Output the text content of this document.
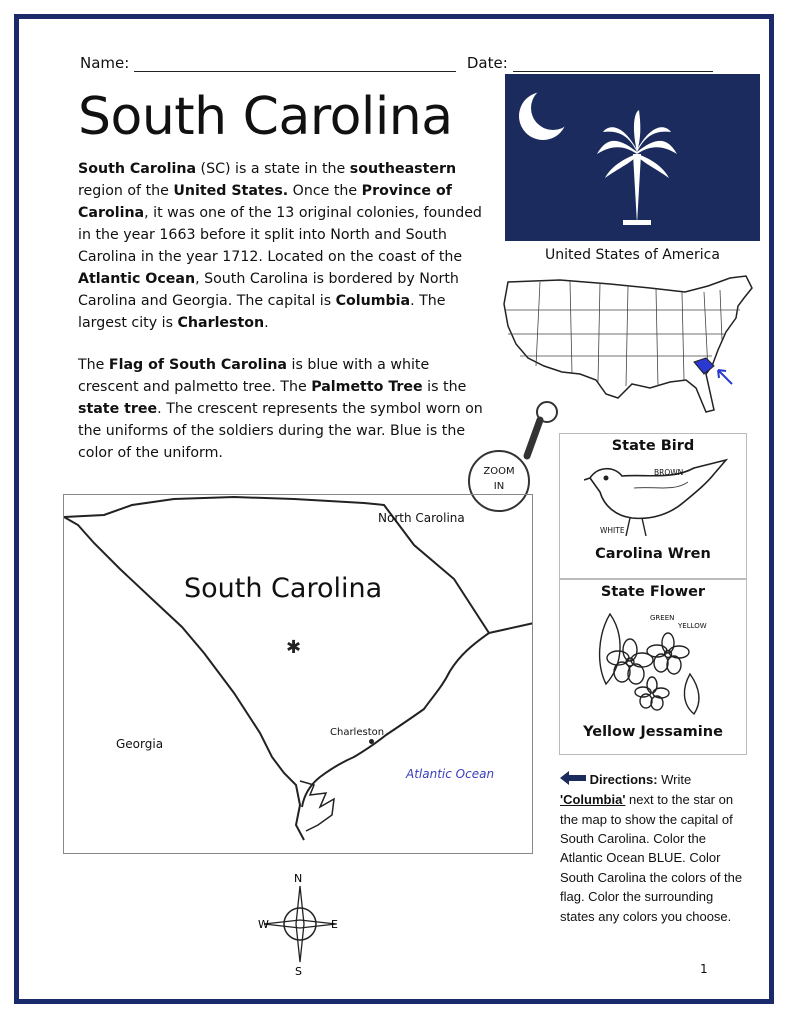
Name:	Date:
South Carolina
South Carolina (SC) is a state in the southeastern region of the United States. Once the Province of Carolina, it was one of the 13 original colonies, founded in the year 1663 before it split into North and South Carolina in the year 1712. Located on the coast of the Atlantic Ocean, South Carolina is bordered by North Carolina and Georgia. The capital is Columbia. The largest city is Charleston.
The Flag of South Carolina is blue with a white crescent and palmetto tree. The Palmetto Tree is the state tree. The crescent represents the symbol worn on the uniforms of the soldiers during the war. Blue is the color of the uniform.
United States of America
ZOOM
IN
✱
South Carolina
North Carolina
Georgia
Atlantic Ocean
Charleston
State Bird
BROWN
WHITE
Carolina Wren
State Flower
GREEN
YELLOW
Yellow Jessamine
Directions: Write 'Columbia' next to the star on the map to show the capital of South Carolina. Color the Atlantic Ocean BLUE. Color South Carolina the colors of the flag. Color the surrounding states any colors you choose.
N
S
E
W
1
